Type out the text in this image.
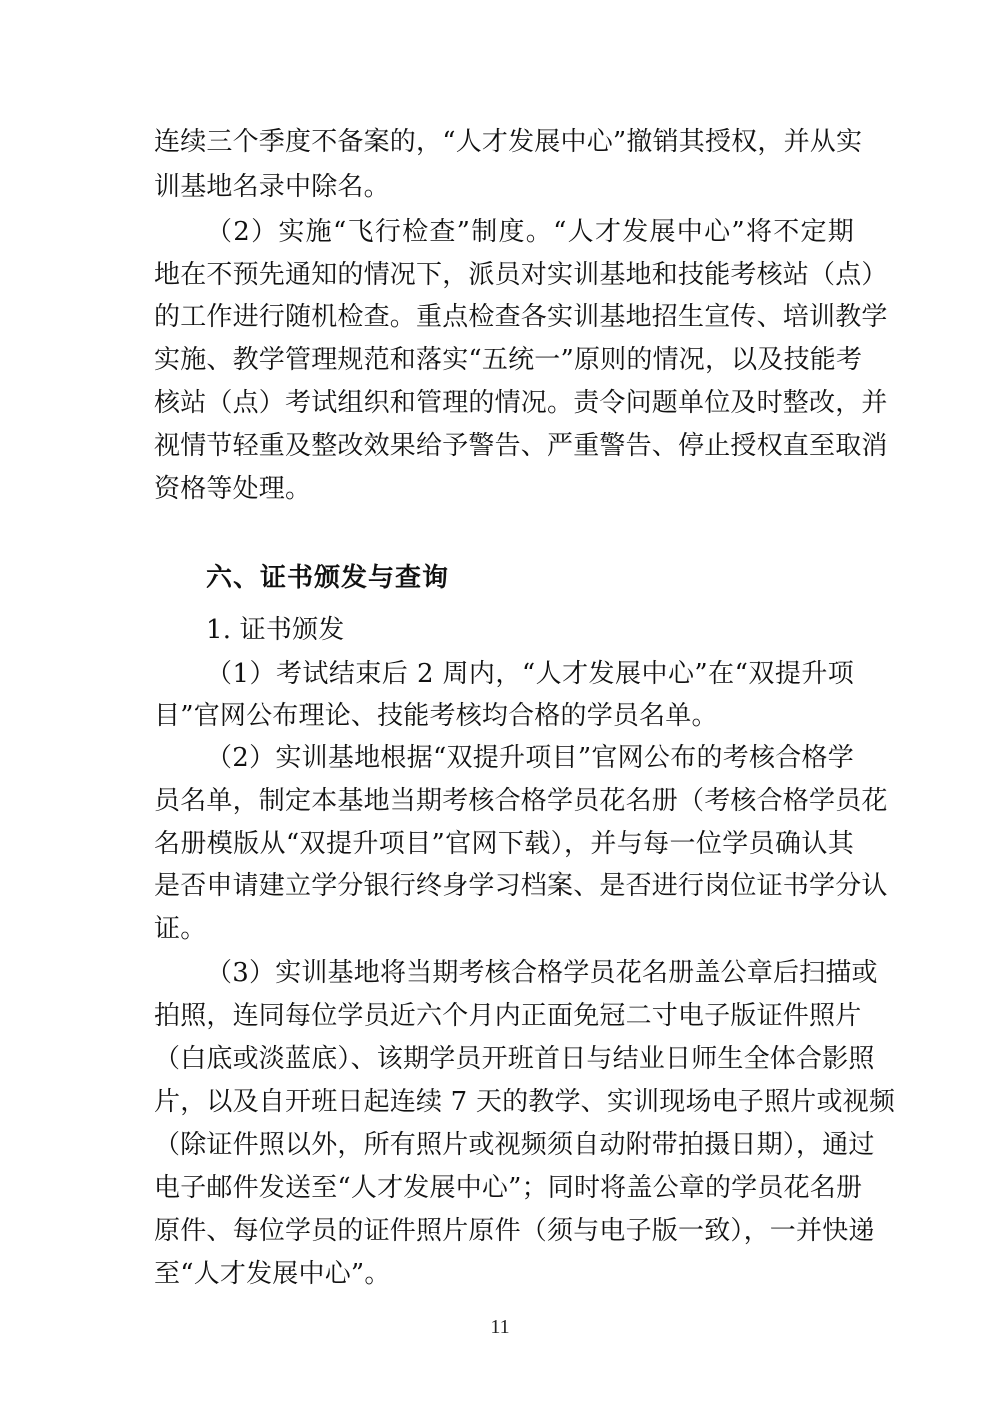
连续三个季度不备案的，“人才发展中心”撤销其授权，并从实
训基地名录中除名。
（2）实施“飞行检查”制度。“人才发展中心”将不定期
地在不预先通知的情况下，派员对实训基地和技能考核站（点）
的工作进行随机检查。重点检查各实训基地招生宣传、培训教学
实施、教学管理规范和落实“五统一”原则的情况，以及技能考
核站（点）考试组织和管理的情况。责令问题单位及时整改，并
视情节轻重及整改效果给予警告、严重警告、停止授权直至取消
资格等处理。
六、证书颁发与查询
1. 证书颁发
（1）考试结束后 2 周内，“人才发展中心”在“双提升项
目”官网公布理论、技能考核均合格的学员名单。
（2）实训基地根据“双提升项目”官网公布的考核合格学
员名单，制定本基地当期考核合格学员花名册（考核合格学员花
名册模版从“双提升项目”官网下载），并与每一位学员确认其
是否申请建立学分银行终身学习档案、是否进行岗位证书学分认
证。
（3）实训基地将当期考核合格学员花名册盖公章后扫描或
拍照，连同每位学员近六个月内正面免冠二寸电子版证件照片
（白底或淡蓝底）、该期学员开班首日与结业日师生全体合影照
片，以及自开班日起连续 7 天的教学、实训现场电子照片或视频
（除证件照以外，所有照片或视频须自动附带拍摄日期），通过
电子邮件发送至“人才发展中心”；同时将盖公章的学员花名册
原件、每位学员的证件照片原件（须与电子版一致），一并快递
至“人才发展中心”。
11
